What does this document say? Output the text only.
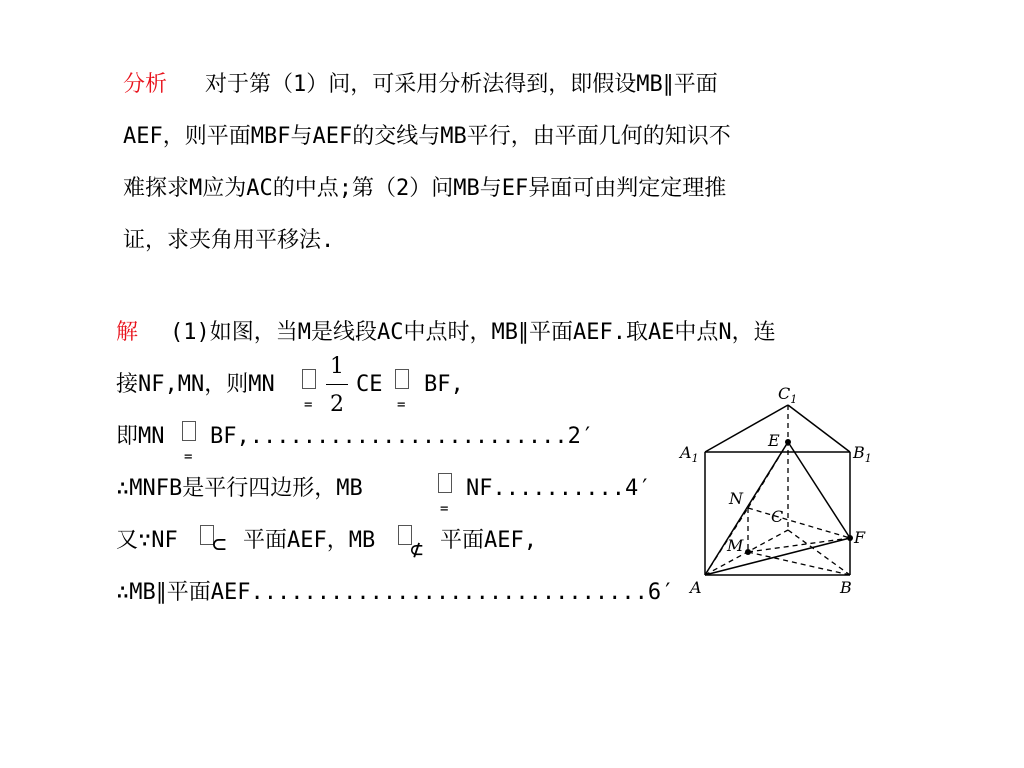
分析 对于第（1）问，可采用分析法得到，即假设MB∥平面
AEF，则平面MBF与AEF的交线与MB平行，由平面几何的知识不
难探求M应为AC的中点;第（2）问MB与EF异面可由判定定理推
证，求夹角用平移法.
解 (1)如图，当M是线段AC中点时，MB∥平面AEF.取AE中点N，连
接NF,MN，则MN
=
1
2
CE
=
BF,
即MN
=
BF,........................2′
∴MNFB是平行四边形，MB
=
NF..........4′
又∵NF ⊂ 平面AEF，MB ⊄ 平面AEF,
∴MB∥平面AEF..............................6′
$C_1$
$A_1$	$B_1$
E
N
C
M	F
A	B
